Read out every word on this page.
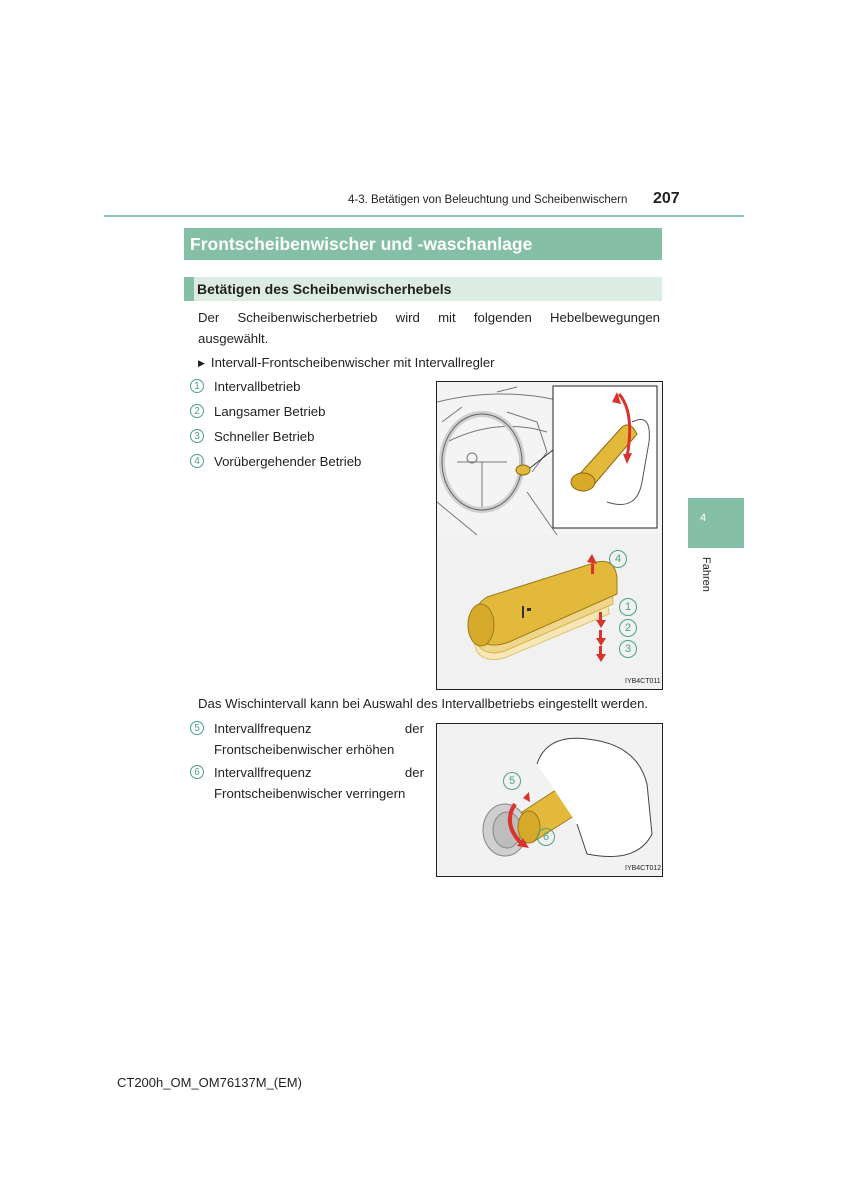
4-3. Betätigen von Beleuchtung und Scheibenwischern 207
Frontscheibenwischer und -waschanlage
Betätigen des Scheibenwischerhebels
Der Scheibenwischerbetrieb wird mit folgenden Hebelbewegungen ausgewählt.
▶ Intervall-Frontscheibenwischer mit Intervallregler
1	Intervallbetrieb
2	Langsamer Betrieb
3	Schneller Betrieb
4	Vorübergehender Betrieb
4
1
2
3
IYB4CT011
Das Wischintervall kann bei Auswahl des Intervallbetriebs eingestellt werden.
5	Intervallfrequenz der Frontscheibenwischer erhöhen
6	Intervallfrequenz der Frontscheibenwischer verringern
5
6
IYB4CT012
4
Fahren
CT200h_OM_OM76137M_(EM)
